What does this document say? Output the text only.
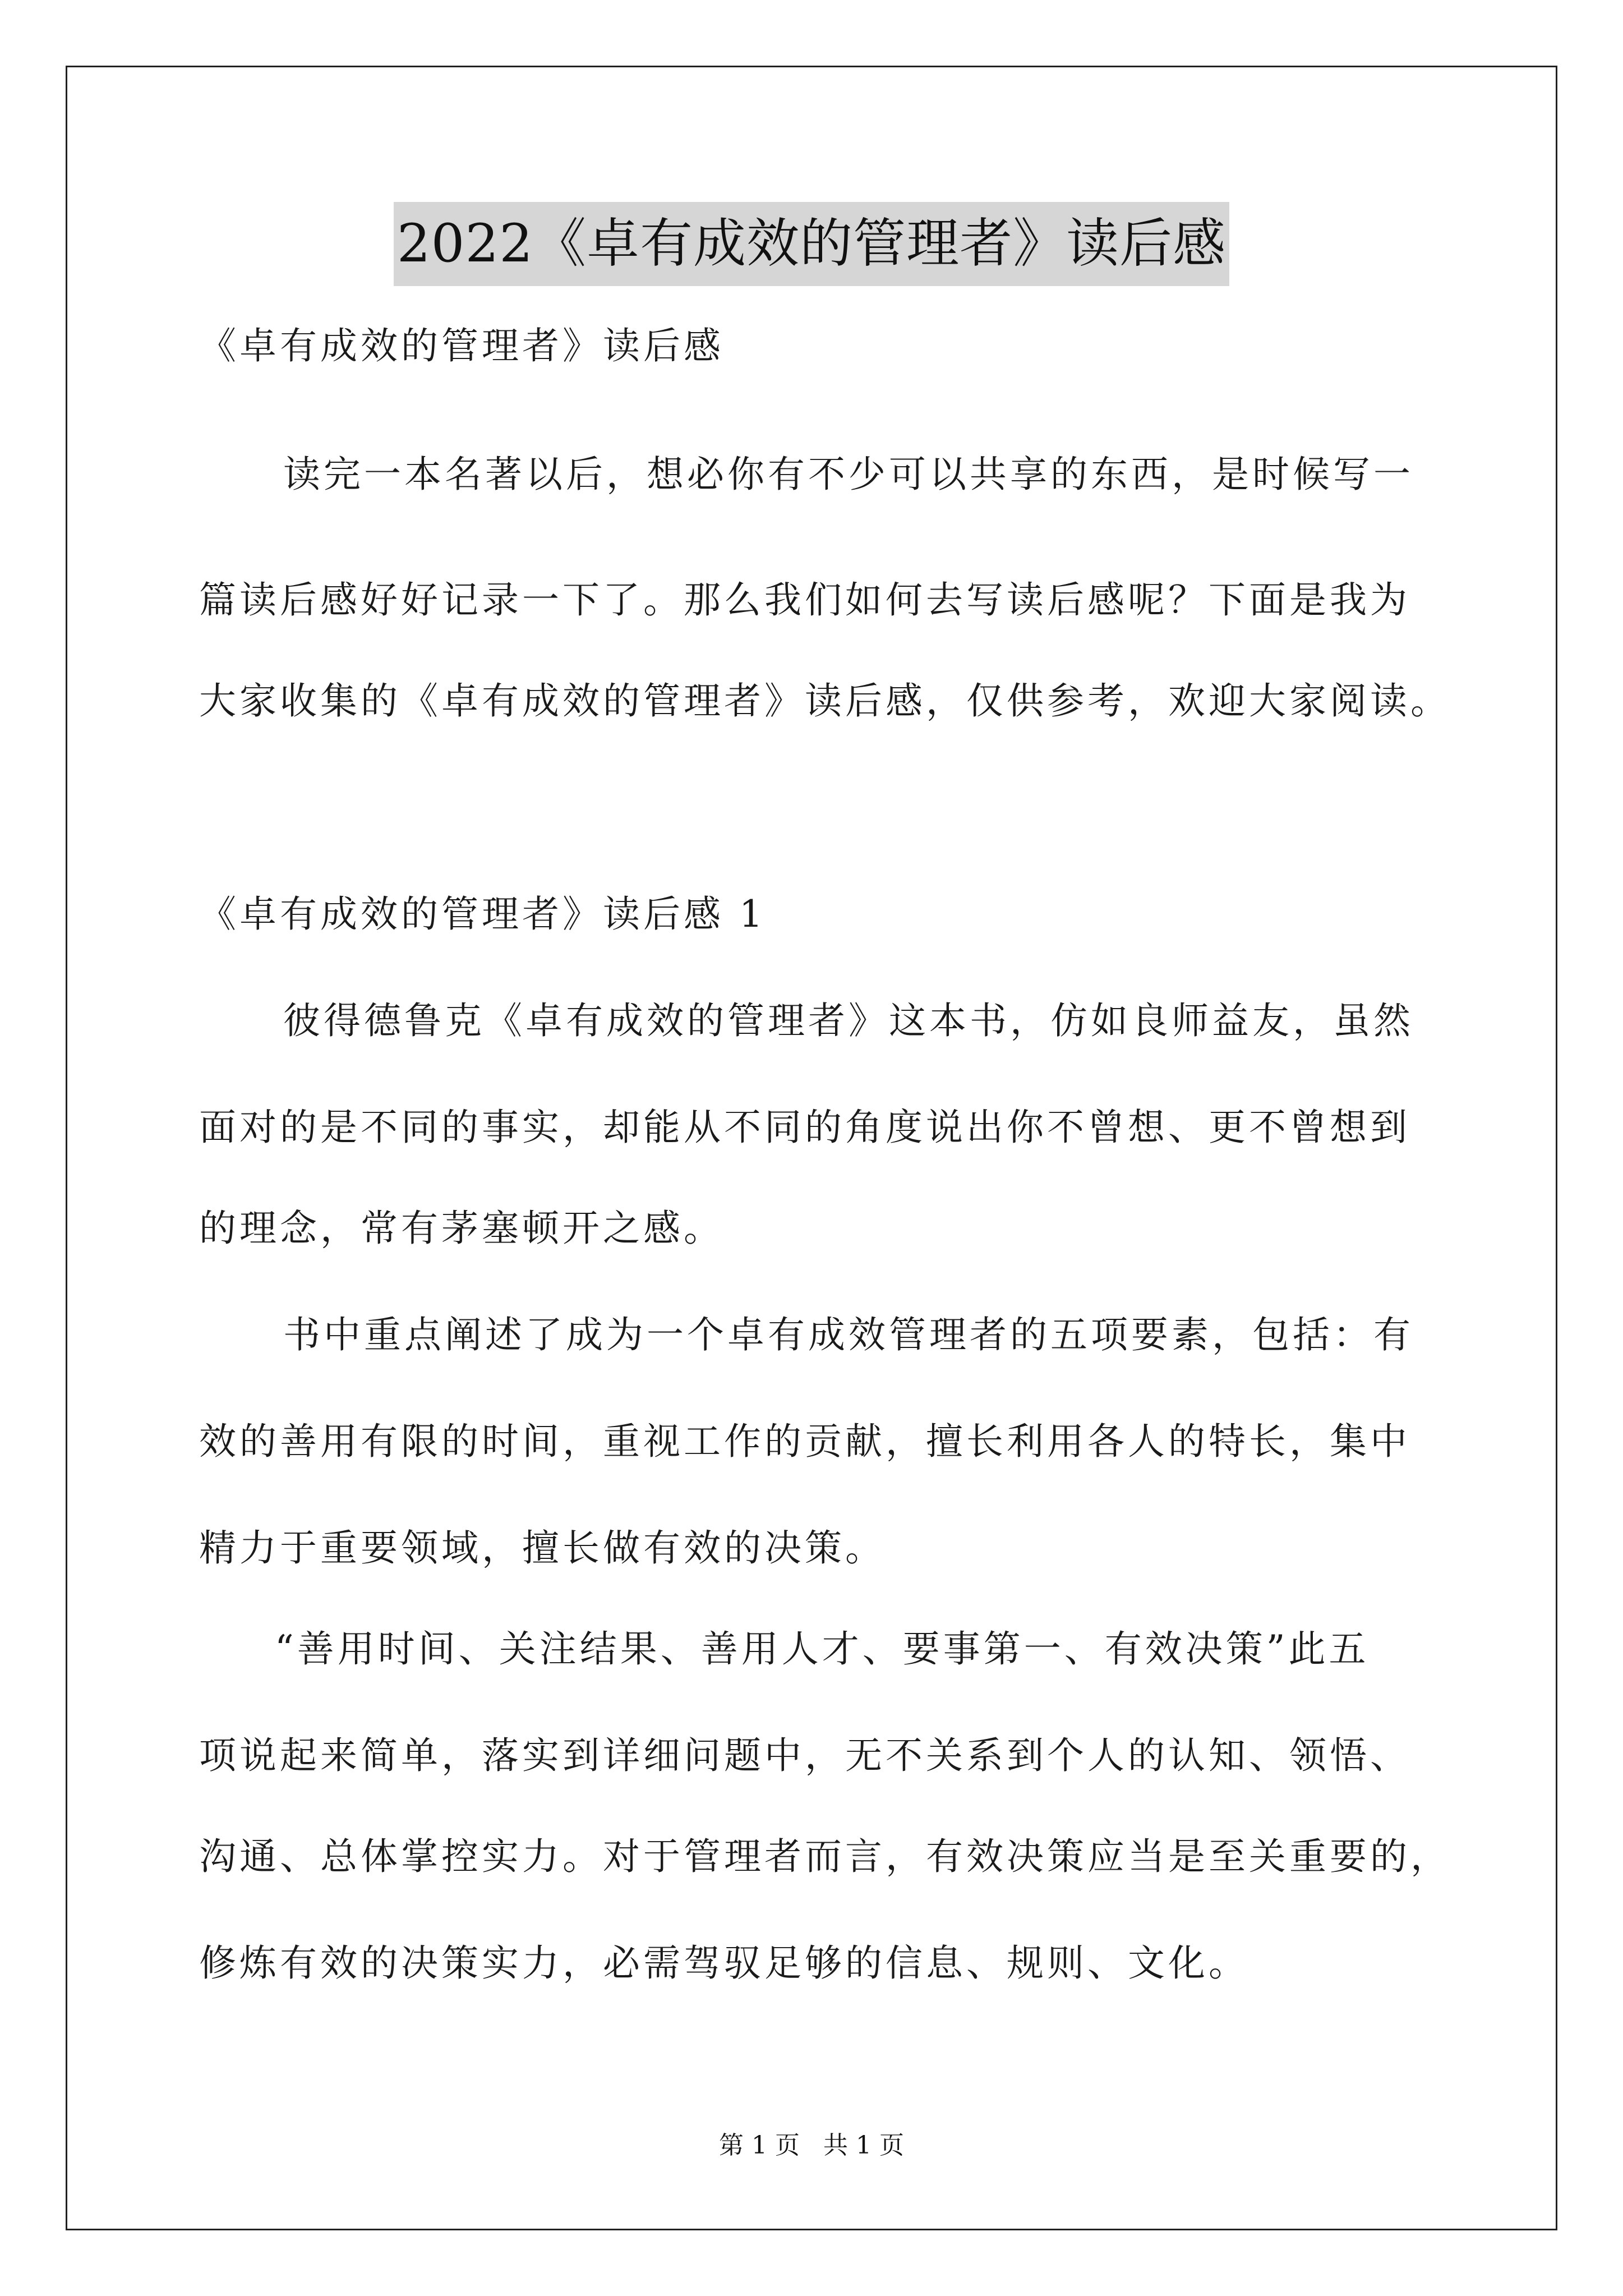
2022《卓有成效的管理者》读后感
《卓有成效的管理者》读后感
读完一本名著以后，想必你有不少可以共享的东西，是时候写一
篇读后感好好记录一下了。那么我们如何去写读后感呢？下面是我为
大家收集的《卓有成效的管理者》读后感，仅供参考，欢迎大家阅读。
《卓有成效的管理者》读后感 1
彼得德鲁克《卓有成效的管理者》这本书，仿如良师益友，虽然
面对的是不同的事实，却能从不同的角度说出你不曾想、更不曾想到
的理念，常有茅塞顿开之感。
书中重点阐述了成为一个卓有成效管理者的五项要素，包括：有
效的善用有限的时间，重视工作的贡献，擅长利用各人的特长，集中
精力于重要领域，擅长做有效的决策。
“善用时间、关注结果、善用人才、要事第一、有效决策”此五
项说起来简单，落实到详细问题中，无不关系到个人的认知、领悟、
沟通、总体掌控实力。对于管理者而言，有效决策应当是至关重要的，
修炼有效的决策实力，必需驾驭足够的信息、规则、文化。
第 1 页   共 1 页
